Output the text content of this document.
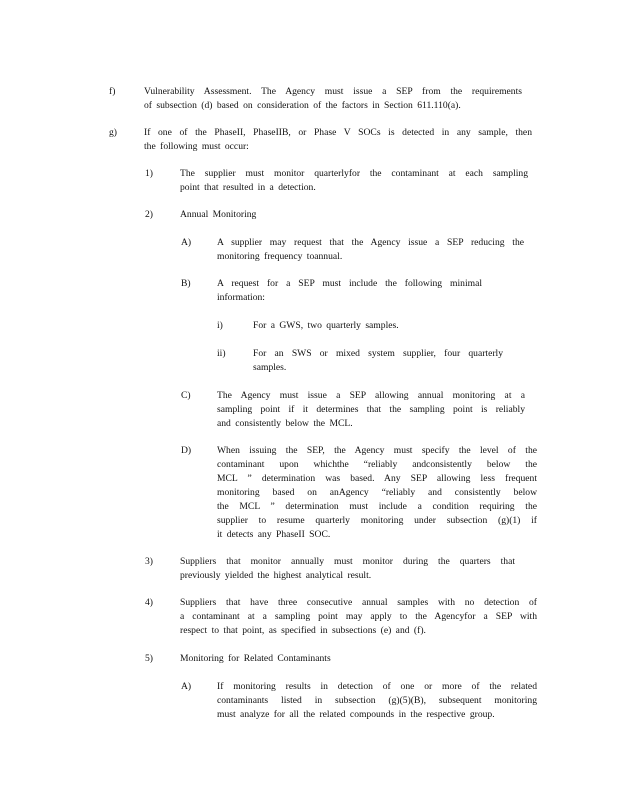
f)	Vulnerability Assessment. The Agency must issue a SEP from the requirements

of subsection (d) based on consideration of the factors in Section 611.110(a).

g)	If one of the PhaseII, PhaseIIB, or Phase V SOCs is detected in any sample, then

the following must occur:

1)	The supplier must monitor quarterlyfor the contaminant at each sampling

point that resulted in a detection.

2)	Annual Monitoring

A)	A supplier may request that the Agency issue a SEP reducing the

monitoring frequency toannual.

B)	A request for a SEP must include the following minimal

information:

i)	For a GWS, two quarterly samples.

ii)	For an SWS or mixed system supplier, four quarterly

samples.

C)	The Agency must issue a SEP allowing annual monitoring at a

sampling point if it determines that the sampling point is reliably

and consistently below the MCL.

D)	When issuing the SEP, the Agency must specify the level of the

contaminant upon whichthe “reliably andconsistently below the

MCL ” determination was based. Any SEP allowing less frequent

monitoring based on anAgency “reliably and consistently below

the MCL ” determination must include a condition requiring the

supplier to resume quarterly monitoring under subsection (g)(1) if

it detects any PhaseII SOC.

3)	Suppliers that monitor annually must monitor during the quarters that

previously yielded the highest analytical result.

4)	Suppliers that have three consecutive annual samples with no detection of

a contaminant at a sampling point may apply to the Agencyfor a SEP with

respect to that point, as specified in subsections (e) and (f).

5)	Monitoring for Related Contaminants

A)	If monitoring results in detection of one or more of the related

contaminants listed in subsection (g)(5)(B), subsequent monitoring

must analyze for all the related compounds in the respective group.
